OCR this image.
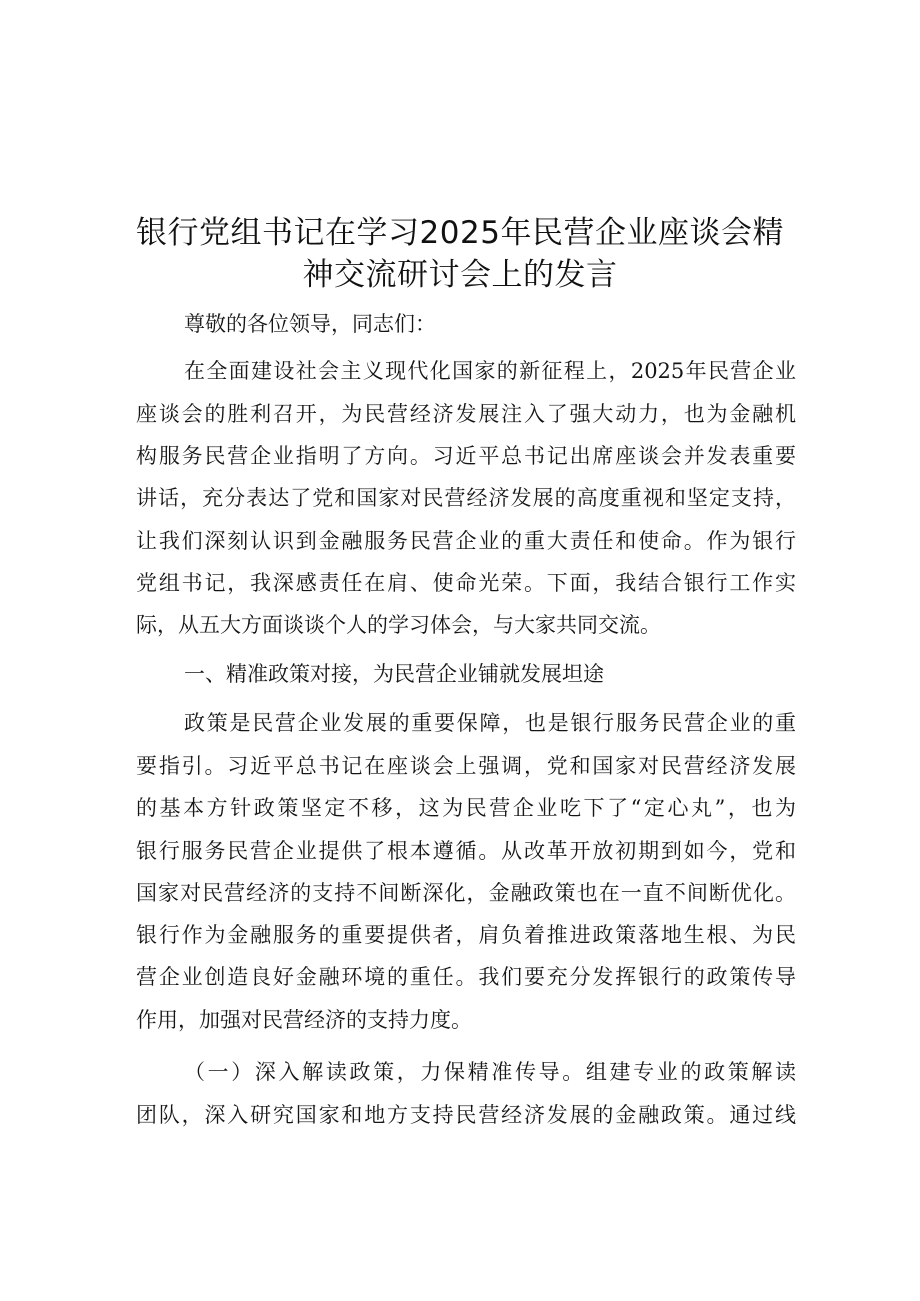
银行党组书记在学习2025年民营企业座谈会精
神交流研讨会上的发言
尊敬的各位领导，同志们：
在全面建设社会主义现代化国家的新征程上，2025年民营企业
座谈会的胜利召开，为民营经济发展注入了强大动力，也为金融机
构服务民营企业指明了方向。习近平总书记出席座谈会并发表重要
讲话，充分表达了党和国家对民营经济发展的高度重视和坚定支持，
让我们深刻认识到金融服务民营企业的重大责任和使命。作为银行
党组书记，我深感责任在肩、使命光荣。下面，我结合银行工作实
际，从五大方面谈谈个人的学习体会，与大家共同交流。
一、精准政策对接，为民营企业铺就发展坦途
政策是民营企业发展的重要保障，也是银行服务民营企业的重
要指引。习近平总书记在座谈会上强调，党和国家对民营经济发展
的基本方针政策坚定不移，这为民营企业吃下了“定心丸”，也为
银行服务民营企业提供了根本遵循。从改革开放初期到如今，党和
国家对民营经济的支持不间断深化，金融政策也在一直不间断优化。
银行作为金融服务的重要提供者，肩负着推进政策落地生根、为民
营企业创造良好金融环境的重任。我们要充分发挥银行的政策传导
作用，加强对民营经济的支持力度。
（一）深入解读政策，力保精准传导。组建专业的政策解读
团队，深入研究国家和地方支持民营经济发展的金融政策。通过线
